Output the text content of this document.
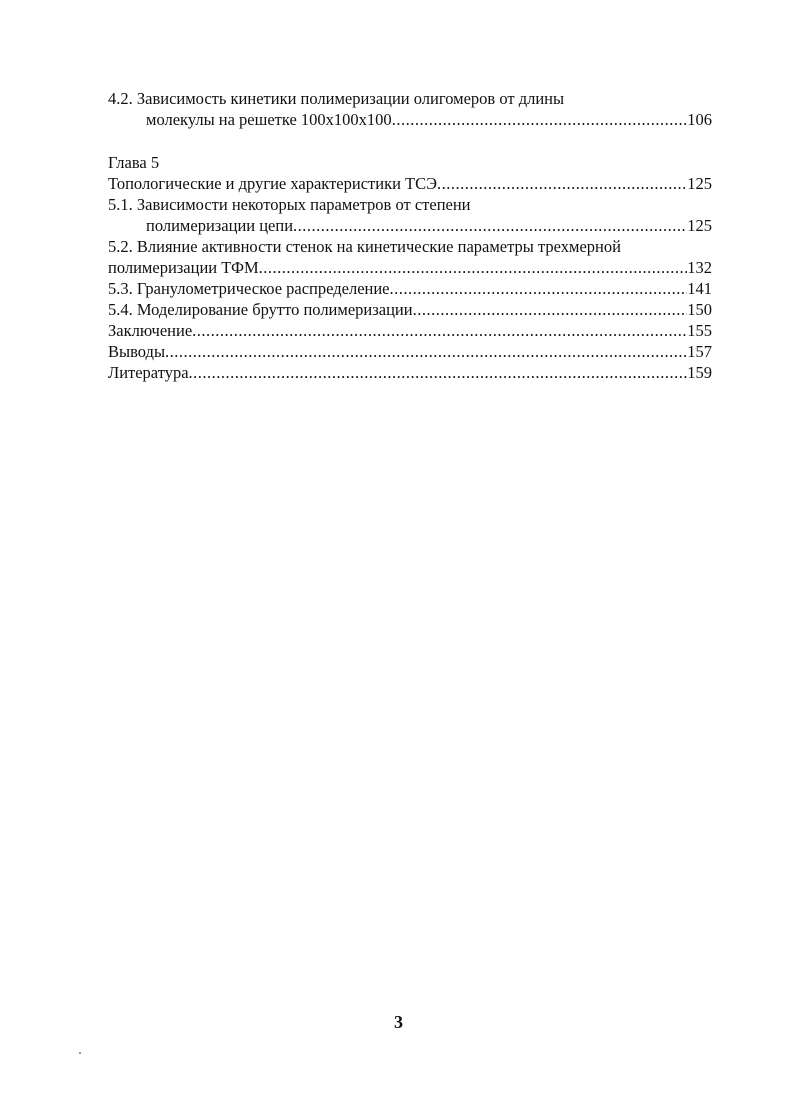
4.2. Зависимость кинетики полимеризации олигомеров от длины
молекулы на решетке 100x100x100 .....	106
Глава 5
Топологические и другие характеристики ТСЭ .....	125
5.1. Зависимости некоторых параметров от степени
полимеризации цепи .....	125
5.2. Влияние активности стенок на кинетические параметры трехмерной
полимеризации ТФМ .....	132
5.3. Гранулометрическое распределение .....	141
5.4. Моделирование брутто полимеризации .....	150
Заключение .....	155
Выводы .....	157
Литература .....	159
3
